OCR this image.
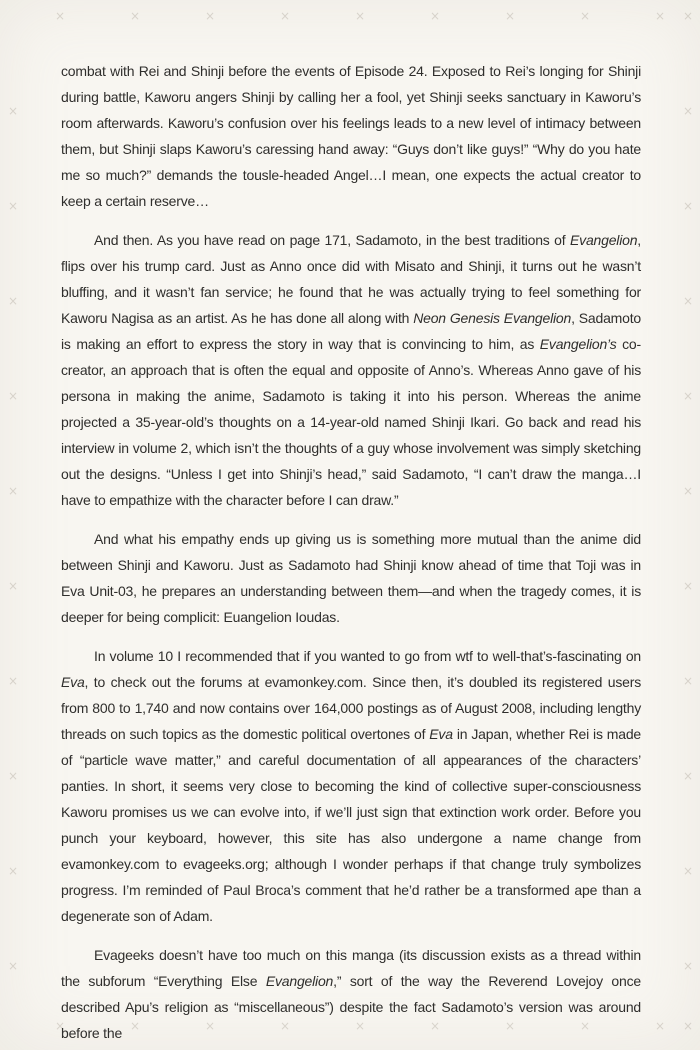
×
×
×
×
×
×
×
×
×
×
×
×
×
×
×
×
×
×
×
×
×	×
×	×
×	×
×	×
×	×
×	×
×	×
×	×
×	×
×	×

combat with Rei and Shinji before the events of Episode 24. Exposed to Rei’s longing for Shinji during battle, Kaworu angers Shinji by calling her a fool, yet Shinji seeks sanctuary in Kaworu’s room afterwards. Kaworu’s confusion over his feelings leads to a new level of intimacy between them, but Shinji slaps Kaworu’s caressing hand away: “Guys don’t like guys!” “Why do you hate me so much?” demands the tousle-headed Angel…I mean, one expects the actual creator to keep a certain reserve…

And then. As you have read on page 171, Sadamoto, in the best traditions of Evangelion, flips over his trump card. Just as Anno once did with Misato and Shinji, it turns out he wasn’t bluffing, and it wasn’t fan service; he found that he was actually trying to feel something for Kaworu Nagisa as an artist. As he has done all along with Neon Genesis Evangelion, Sadamoto is making an effort to express the story in way that is convincing to him, as Evangelion’s co-creator, an approach that is often the equal and opposite of Anno’s. Whereas Anno gave of his persona in making the anime, Sadamoto is taking it into his person. Whereas the anime projected a 35-year-old’s thoughts on a 14-year-old named Shinji Ikari. Go back and read his interview in volume 2, which isn’t the thoughts of a guy whose involvement was simply sketching out the designs. “Unless I get into Shinji’s head,” said Sadamoto, “I can’t draw the manga…I have to empathize with the character before I can draw.”

And what his empathy ends up giving us is something more mutual than the anime did between Shinji and Kaworu. Just as Sadamoto had Shinji know ahead of time that Toji was in Eva Unit-03, he prepares an understanding between them—and when the tragedy comes, it is deeper for being complicit: Euangelion Ioudas.

In volume 10 I recommended that if you wanted to go from wtf to well-that’s-fascinating on Eva, to check out the forums at evamonkey.com. Since then, it’s doubled its registered users from 800 to 1,740 and now contains over 164,000 postings as of August 2008, including lengthy threads on such topics as the domestic political overtones of Eva in Japan, whether Rei is made of “particle wave matter,” and careful documentation of all appearances of the characters’ panties. In short, it seems very close to becoming the kind of collective super-consciousness Kaworu promises us we can evolve into, if we’ll just sign that extinction work order. Before you punch your keyboard, however, this site has also undergone a name change from evamonkey.com to evageeks.org; although I wonder perhaps if that change truly symbolizes progress. I’m reminded of Paul Broca’s comment that he’d rather be a transformed ape than a degenerate son of Adam.

Evageeks doesn’t have too much on this manga (its discussion exists as a thread within the subforum “Everything Else Evangelion,” sort of the way the Reverend Lovejoy once described Apu’s religion as “miscellaneous”) despite the fact Sadamoto’s version was around before the
